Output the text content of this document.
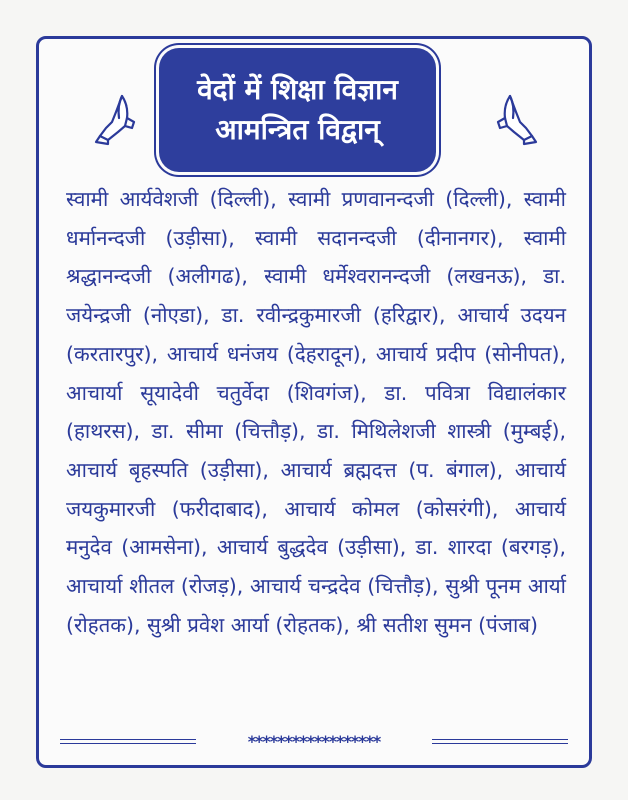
वेदों में शिक्षा विज्ञान
आमन्त्रित विद्वान्
स्वामी आर्यवेशजी (दिल्ली), स्वामी प्रणवानन्दजी (दिल्ली), स्वामी धर्मानन्दजी (उड़ीसा), स्वामी सदानन्दजी (दीनानगर), स्वामी श्रद्धानन्दजी (अलीगढ), स्वामी धर्मेश्वरानन्दजी (लखनऊ), डा. जयेन्द्रजी (नोएडा), डा. रवीन्द्रकुमारजी (हरिद्वार), आचार्य उदयन (करतारपुर), आचार्य धनंजय (देहरादून), आचार्य प्रदीप (सोनीपत), आचार्या सूयादेवी चतुर्वेदा (शिवगंज), डा. पवित्रा विद्यालंकार (हाथरस), डा. सीमा (चित्तौड़), डा. मिथिलेशजी शास्त्री (मुम्बई), आचार्य बृहस्पति (उड़ीसा), आचार्य ब्रह्मदत्त (प. बंगाल), आचार्य जयकुमारजी (फरीदाबाद), आचार्य कोमल (कोसरंगी), आचार्य मनुदेव (आमसेना), आचार्य बुद्धदेव (उड़ीसा), डा. शारदा (बरगड़), आचार्या शीतल (रोजड़), आचार्य चन्द्रदेव (चित्तौड़), सुश्री पूनम आर्या (रोहतक), सुश्री प्रवेश आर्या (रोहतक), श्री सतीश सुमन (पंजाब)
******************
